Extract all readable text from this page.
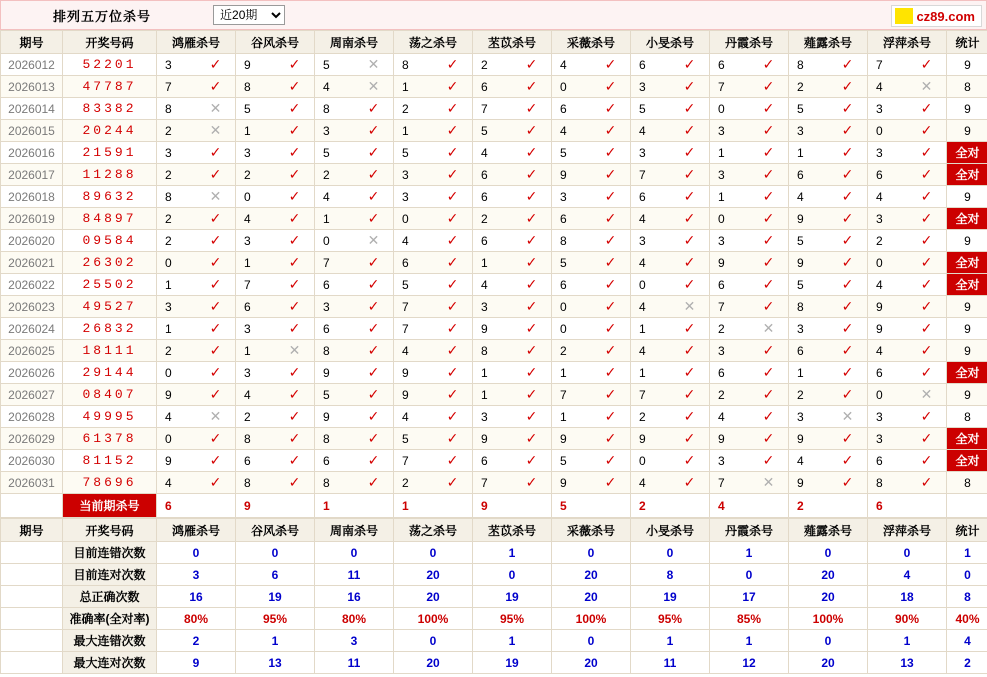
排列五万位杀号
近20期	cz89.com
期号	开奖号码	鸿雁杀号	谷风杀号	周南杀号	荡之杀号	苤苡杀号	采薇杀号	小旻杀号	丹霞杀号	薤露杀号	浮萍杀号	统计
2026012	52201	3 ✓	9 ✓	5 ✕	8 ✓	2 ✓	4 ✓	6 ✓	6 ✓	8 ✓	7 ✓	9
2026013	47787	7 ✓	8 ✓	4 ✕	1 ✓	6 ✓	0 ✓	3 ✓	7 ✓	2 ✓	4 ✕	8
2026014	83382	8 ✕	5 ✓	8 ✓	2 ✓	7 ✓	6 ✓	5 ✓	0 ✓	5 ✓	3 ✓	9
2026015	20244	2 ✕	1 ✓	3 ✓	1 ✓	5 ✓	4 ✓	4 ✓	3 ✓	3 ✓	0 ✓	9
2026016	21591	3 ✓	3 ✓	5 ✓	5 ✓	4 ✓	5 ✓	3 ✓	1 ✓	1 ✓	3 ✓	全对
2026017	11288	2 ✓	2 ✓	2 ✓	3 ✓	6 ✓	9 ✓	7 ✓	3 ✓	6 ✓	6 ✓	全对
2026018	89632	8 ✕	0 ✓	4 ✓	3 ✓	6 ✓	3 ✓	6 ✓	1 ✓	4 ✓	4 ✓	9
2026019	84897	2 ✓	4 ✓	1 ✓	0 ✓	2 ✓	6 ✓	4 ✓	0 ✓	9 ✓	3 ✓	全对
2026020	09584	2 ✓	3 ✓	0 ✕	4 ✓	6 ✓	8 ✓	3 ✓	3 ✓	5 ✓	2 ✓	9
2026021	26302	0 ✓	1 ✓	7 ✓	6 ✓	1 ✓	5 ✓	4 ✓	9 ✓	9 ✓	0 ✓	全对
2026022	25502	1 ✓	7 ✓	6 ✓	5 ✓	4 ✓	6 ✓	0 ✓	6 ✓	5 ✓	4 ✓	全对
2026023	49527	3 ✓	6 ✓	3 ✓	7 ✓	3 ✓	0 ✓	4 ✕	7 ✓	8 ✓	9 ✓	9
2026024	26832	1 ✓	3 ✓	6 ✓	7 ✓	9 ✓	0 ✓	1 ✓	2 ✕	3 ✓	9 ✓	9
2026025	18111	2 ✓	1 ✕	8 ✓	4 ✓	8 ✓	2 ✓	4 ✓	3 ✓	6 ✓	4 ✓	9
2026026	29144	0 ✓	3 ✓	9 ✓	9 ✓	1 ✓	1 ✓	1 ✓	6 ✓	1 ✓	6 ✓	全对
2026027	08407	9 ✓	4 ✓	5 ✓	9 ✓	1 ✓	7 ✓	7 ✓	2 ✓	2 ✓	0 ✕	9
2026028	49995	4 ✕	2 ✓	9 ✓	4 ✓	3 ✓	1 ✓	2 ✓	4 ✓	3 ✕	3 ✓	8
2026029	61378	0 ✓	8 ✓	8 ✓	5 ✓	9 ✓	9 ✓	9 ✓	9 ✓	9 ✓	3 ✓	全对
2026030	81152	9 ✓	6 ✓	6 ✓	7 ✓	6 ✓	5 ✓	0 ✓	3 ✓	4 ✓	6 ✓	全对
2026031	78696	4 ✓	8 ✓	8 ✓	2 ✓	7 ✓	9 ✓	4 ✓	7 ✕	9 ✓	8 ✓	8
	当前期杀号	6	9	1	1	9	5	2	4	2	6	

期号	开奖号码	鸿雁杀号	谷风杀号	周南杀号	荡之杀号	苤苡杀号	采薇杀号	小旻杀号	丹霞杀号	薤露杀号	浮萍杀号	统计
	目前连错次数	0	0	0	0	1	0	0	1	0	0	1
	目前连对次数	3	6	11	20	0	20	8	0	20	4	0
	总正确次数	16	19	16	20	19	20	19	17	20	18	8
	准确率(全对率)	80%	95%	80%	100%	95%	100%	95%	85%	100%	90%	40%
	最大连错次数	2	1	3	0	1	0	1	1	0	1	4
	最大连对次数	9	13	11	20	19	20	11	12	20	13	2
